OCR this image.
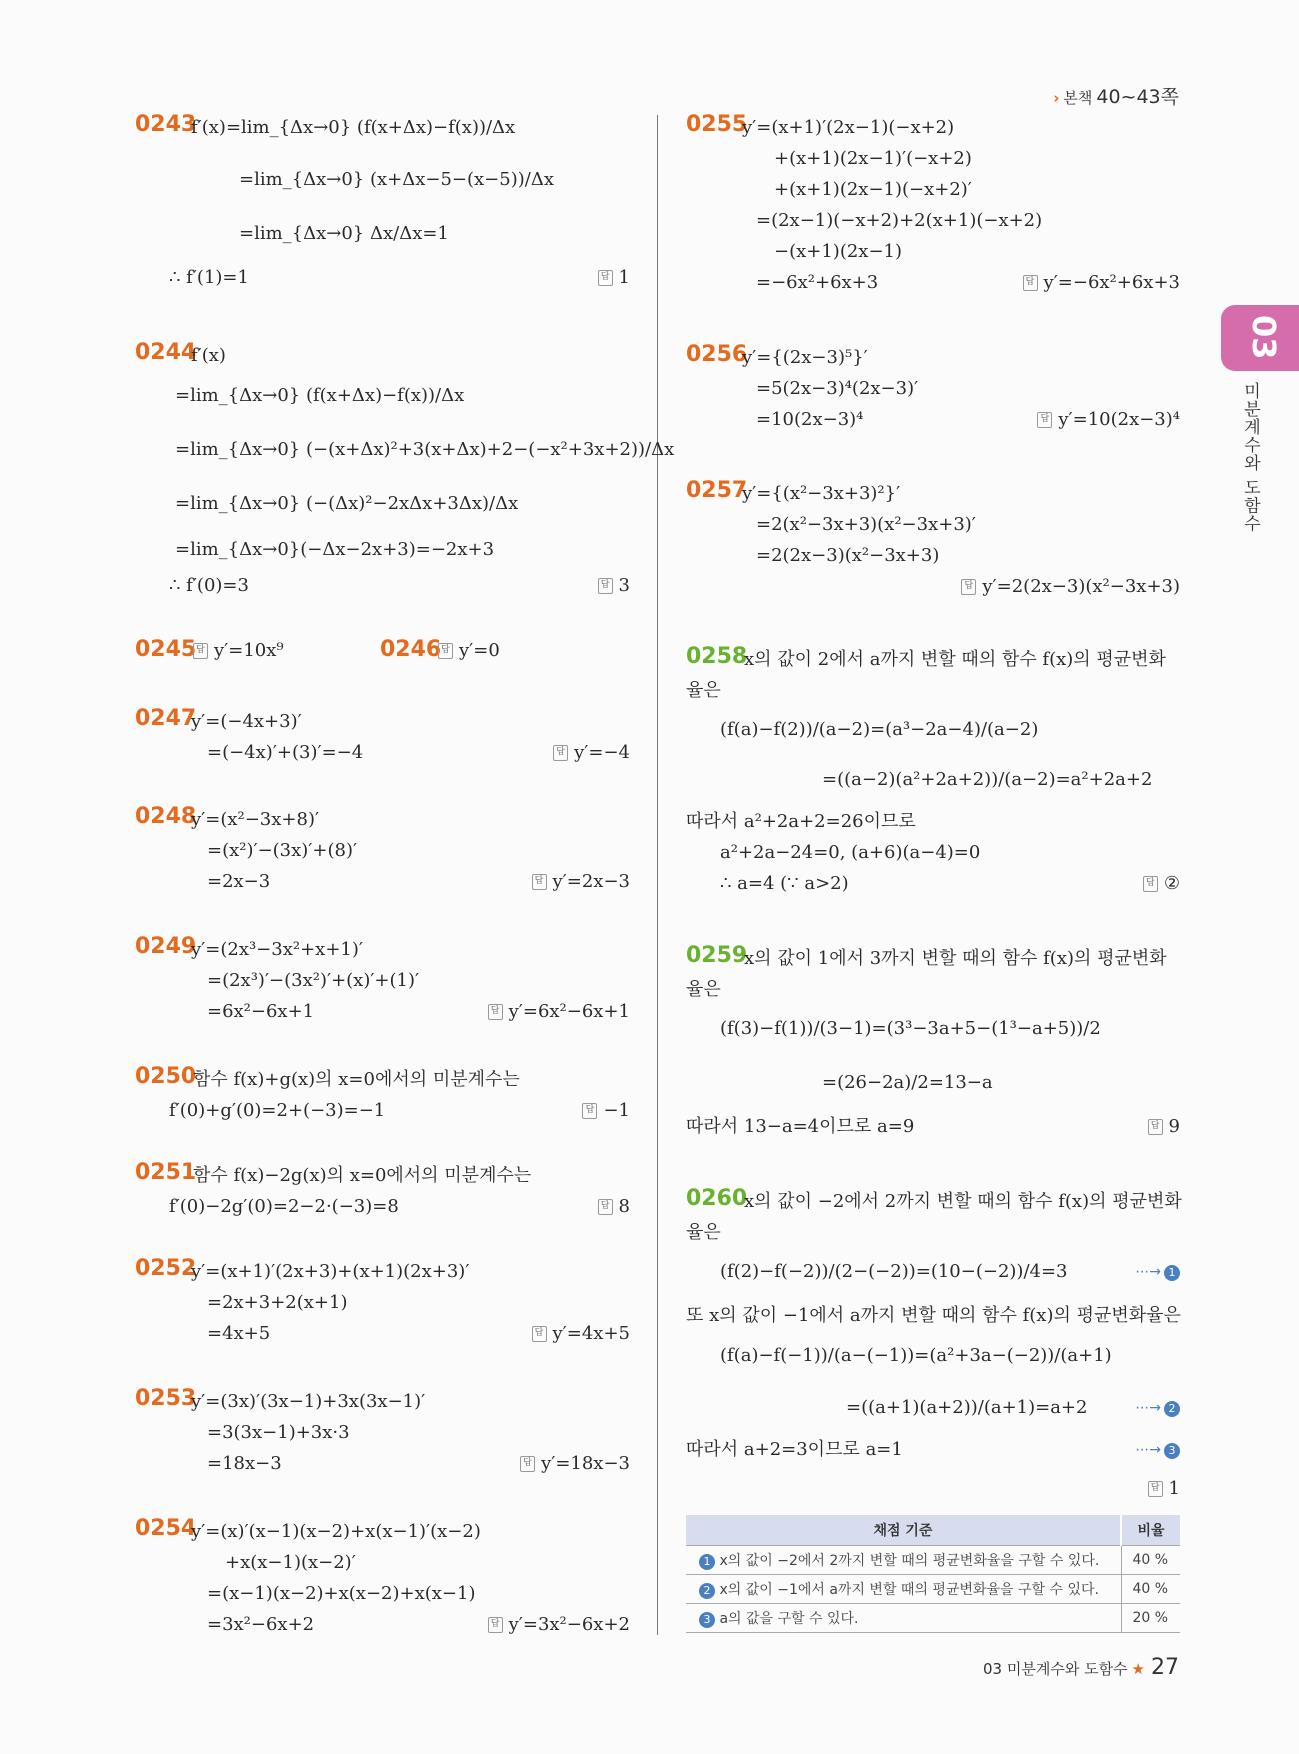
› 본책 40~43쪽
03
미분계수와 도함수
0243
f′(x)=lim_{Δx→0} (f(x+Δx)−f(x))/Δx
=lim_{Δx→0} (x+Δx−5−(x−5))/Δx
=lim_{Δx→0} Δx/Δx=1
∴ f′(1)=1	답 1
0244
f′(x)
=lim_{Δx→0} (f(x+Δx)−f(x))/Δx
=lim_{Δx→0} (−(x+Δx)²+3(x+Δx)+2−(−x²+3x+2))/Δx
=lim_{Δx→0} (−(Δx)²−2xΔx+3Δx)/Δx
=lim_{Δx→0}(−Δx−2x+3)=−2x+3
∴ f′(0)=3	답 3
0245 답 y′=10x⁹	0246 답 y′=0
0247
y′=(−4x+3)′
=(−4x)′+(3)′=−4	답 y′=−4
0248
y′=(x²−3x+8)′
=(x²)′−(3x)′+(8)′
=2x−3	답 y′=2x−3
0249
y′=(2x³−3x²+x+1)′
=(2x³)′−(3x²)′+(x)′+(1)′
=6x²−6x+1	답 y′=6x²−6x+1
0250
함수 f(x)+g(x)의 x=0에서의 미분계수는
f′(0)+g′(0)=2+(−3)=−1	답 −1
0251
함수 f(x)−2g(x)의 x=0에서의 미분계수는
f′(0)−2g′(0)=2−2·(−3)=8	답 8
0252
y′=(x+1)′(2x+3)+(x+1)(2x+3)′
=2x+3+2(x+1)
=4x+5	답 y′=4x+5
0253
y′=(3x)′(3x−1)+3x(3x−1)′
=3(3x−1)+3x·3
=18x−3	답 y′=18x−3
0254
y′=(x)′(x−1)(x−2)+x(x−1)′(x−2)
+x(x−1)(x−2)′
=(x−1)(x−2)+x(x−2)+x(x−1)
=3x²−6x+2	답 y′=3x²−6x+2
0255
y′=(x+1)′(2x−1)(−x+2)
+(x+1)(2x−1)′(−x+2)
+(x+1)(2x−1)(−x+2)′
=(2x−1)(−x+2)+2(x+1)(−x+2)
−(x+1)(2x−1)
=−6x²+6x+3	답 y′=−6x²+6x+3
0256
y′={(2x−3)⁵}′
=5(2x−3)⁴(2x−3)′
=10(2x−3)⁴	답 y′=10(2x−3)⁴
0257
y′={(x²−3x+3)²}′
=2(x²−3x+3)(x²−3x+3)′
=2(2x−3)(x²−3x+3)
답 y′=2(2x−3)(x²−3x+3)
0258
x의 값이 2에서 a까지 변할 때의 함수 f(x)의 평균변화
율은
(f(a)−f(2))/(a−2)=(a³−2a−4)/(a−2)
=((a−2)(a²+2a+2))/(a−2)=a²+2a+2
따라서 a²+2a+2=26이므로
a²+2a−24=0, (a+6)(a−4)=0
∴ a=4 (∵ a>2)	답 ②
0259
x의 값이 1에서 3까지 변할 때의 함수 f(x)의 평균변화
율은
(f(3)−f(1))/(3−1)=(3³−3a+5−(1³−a+5))/2
=(26−2a)/2=13−a
따라서 13−a=4이므로 a=9	답 9
0260
x의 값이 −2에서 2까지 변할 때의 함수 f(x)의 평균변화
율은
(f(2)−f(−2))/(2−(−2))=(10−(−2))/4=3	⋯→ 1
또 x의 값이 −1에서 a까지 변할 때의 함수 f(x)의 평균변화율은
(f(a)−f(−1))/(a−(−1))=(a²+3a−(−2))/(a+1)
=((a+1)(a+2))/(a+1)=a+2	⋯→ 2
따라서 a+2=3이므로 a=1	⋯→ 3
답 1
채점 기준	비율
1 x의 값이 −2에서 2까지 변할 때의 평균변화율을 구할 수 있다.	40 %
2 x의 값이 −1에서 a까지 변할 때의 평균변화율을 구할 수 있다.	40 %
3 a의 값을 구할 수 있다.	20 %
03 미분계수와 도함수 ★ 27
